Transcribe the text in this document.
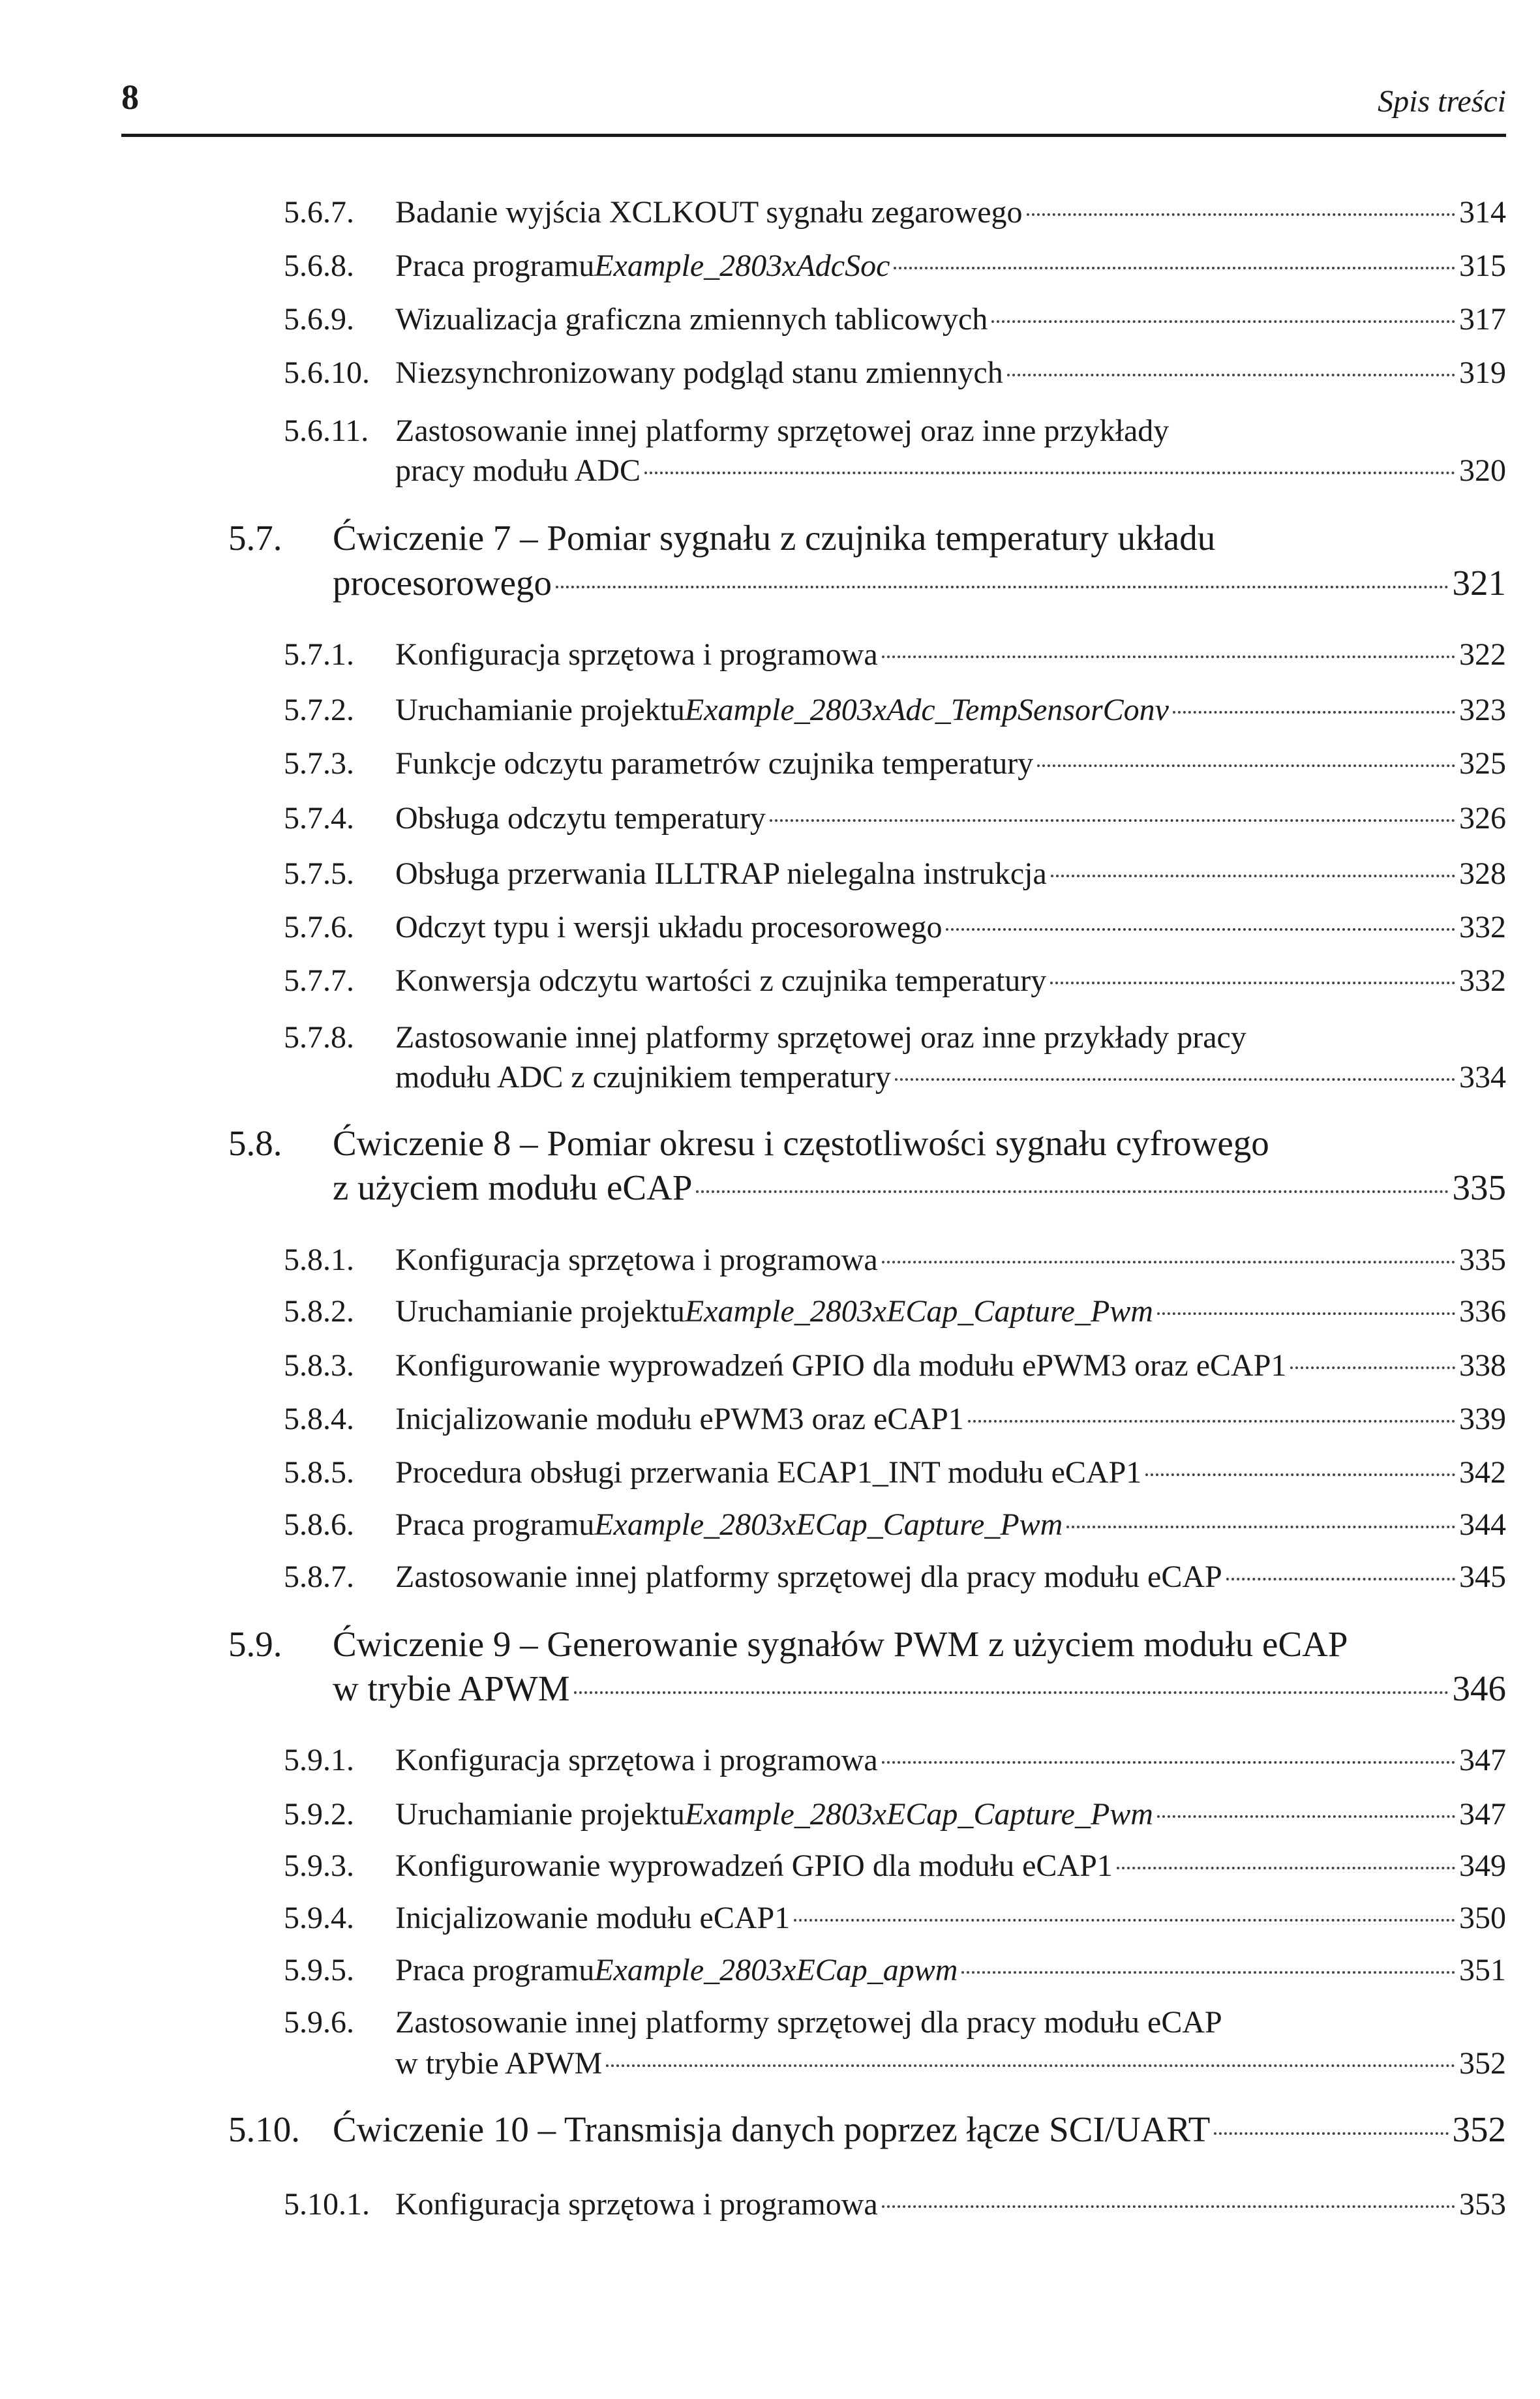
8	Spis treści
5.6.7. Badanie wyjścia XCLKOUT sygnału zegarowego	314
5.6.8. Praca programu Example_2803xAdcSoc	315
5.6.9. Wizualizacja graficzna zmiennych tablicowych	317
5.6.10. Niezsynchronizowany podgląd stanu zmiennych	319
5.6.11. Zastosowanie innej platformy sprzętowej oraz inne przykłady
pracy modułu ADC	320
5.7. Ćwiczenie 7 – Pomiar sygnału z czujnika temperatury układu
procesorowego	321
5.7.1. Konfiguracja sprzętowa i programowa	322
5.7.2. Uruchamianie projektu Example_2803xAdc_TempSensorConv	323
5.7.3. Funkcje odczytu parametrów czujnika temperatury	325
5.7.4. Obsługa odczytu temperatury	326
5.7.5. Obsługa przerwania ILLTRAP nielegalna instrukcja	328
5.7.6. Odczyt typu i wersji układu procesorowego	332
5.7.7. Konwersja odczytu wartości z czujnika temperatury	332
5.7.8. Zastosowanie innej platformy sprzętowej oraz inne przykłady pracy
modułu ADC z czujnikiem temperatury	334
5.8. Ćwiczenie 8 – Pomiar okresu i częstotliwości sygnału cyfrowego
z użyciem modułu eCAP	335
5.8.1. Konfiguracja sprzętowa i programowa	335
5.8.2. Uruchamianie projektu Example_2803xECap_Capture_Pwm	336
5.8.3. Konfigurowanie wyprowadzeń GPIO dla modułu ePWM3 oraz eCAP1	338
5.8.4. Inicjalizowanie modułu ePWM3 oraz eCAP1	339
5.8.5. Procedura obsługi przerwania ECAP1_INT modułu eCAP1	342
5.8.6. Praca programu Example_2803xECap_Capture_Pwm	344
5.8.7. Zastosowanie innej platformy sprzętowej dla pracy modułu eCAP	345
5.9. Ćwiczenie 9 – Generowanie sygnałów PWM z użyciem modułu eCAP
w trybie APWM	346
5.9.1. Konfiguracja sprzętowa i programowa	347
5.9.2. Uruchamianie projektu Example_2803xECap_Capture_Pwm	347
5.9.3. Konfigurowanie wyprowadzeń GPIO dla modułu eCAP1	349
5.9.4. Inicjalizowanie modułu eCAP1	350
5.9.5. Praca programu Example_2803xECap_apwm	351
5.9.6. Zastosowanie innej platformy sprzętowej dla pracy modułu eCAP
w trybie APWM	352
5.10. Ćwiczenie 10 – Transmisja danych poprzez łącze SCI/UART	352
5.10.1. Konfiguracja sprzętowa i programowa	353
